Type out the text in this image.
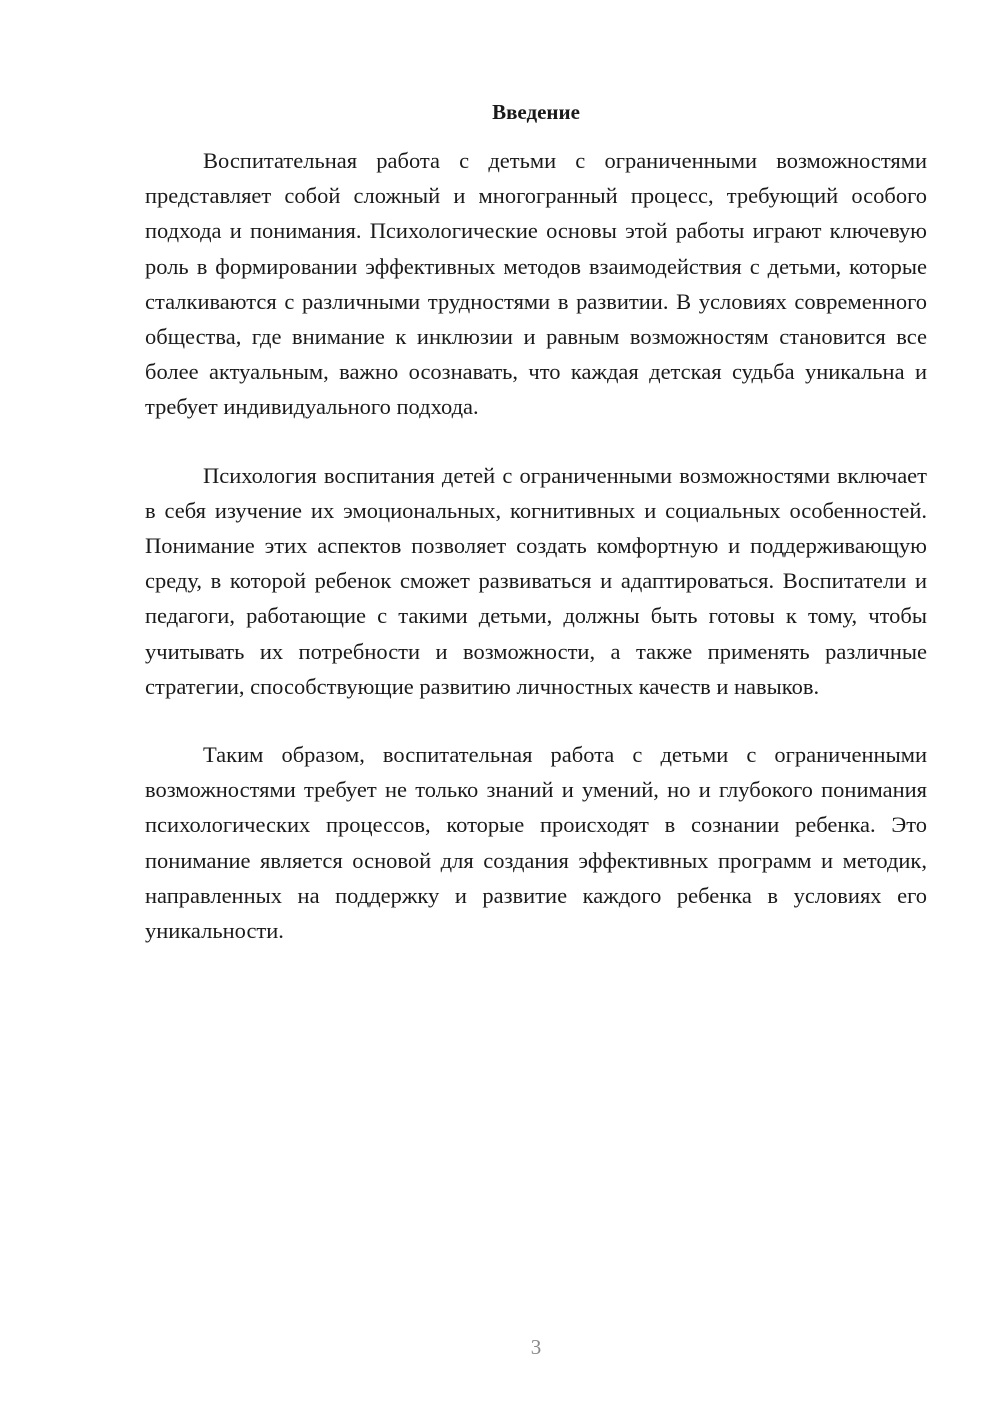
Введение

Воспитательная работа с детьми с ограниченными возможностями представляет собой сложный и многогранный процесс, требующий особого подхода и понимания. Психологические основы этой работы играют ключевую роль в формировании эффективных методов взаимодействия с детьми, которые сталкиваются с различными трудностями в развитии. В условиях современного общества, где внимание к инклюзии и равным возможностям становится все более актуальным, важно осознавать, что каждая детская судьба уникальна и требует индивидуального подхода.

Психология воспитания детей с ограниченными возможностями включает в себя изучение их эмоциональных, когнитивных и социальных особенностей. Понимание этих аспектов позволяет создать комфортную и поддерживающую среду, в которой ребенок сможет развиваться и адаптироваться. Воспитатели и педагоги, работающие с такими детьми, должны быть готовы к тому, чтобы учитывать их потребности и возможности, а также применять различные стратегии, способствующие развитию личностных качеств и навыков.

Таким образом, воспитательная работа с детьми с ограниченными возможностями требует не только знаний и умений, но и глубокого понимания психологических процессов, которые происходят в сознании ребенка. Это понимание является основой для создания эффективных программ и методик, направленных на поддержку и развитие каждого ребенка в условиях его уникальности.

3
